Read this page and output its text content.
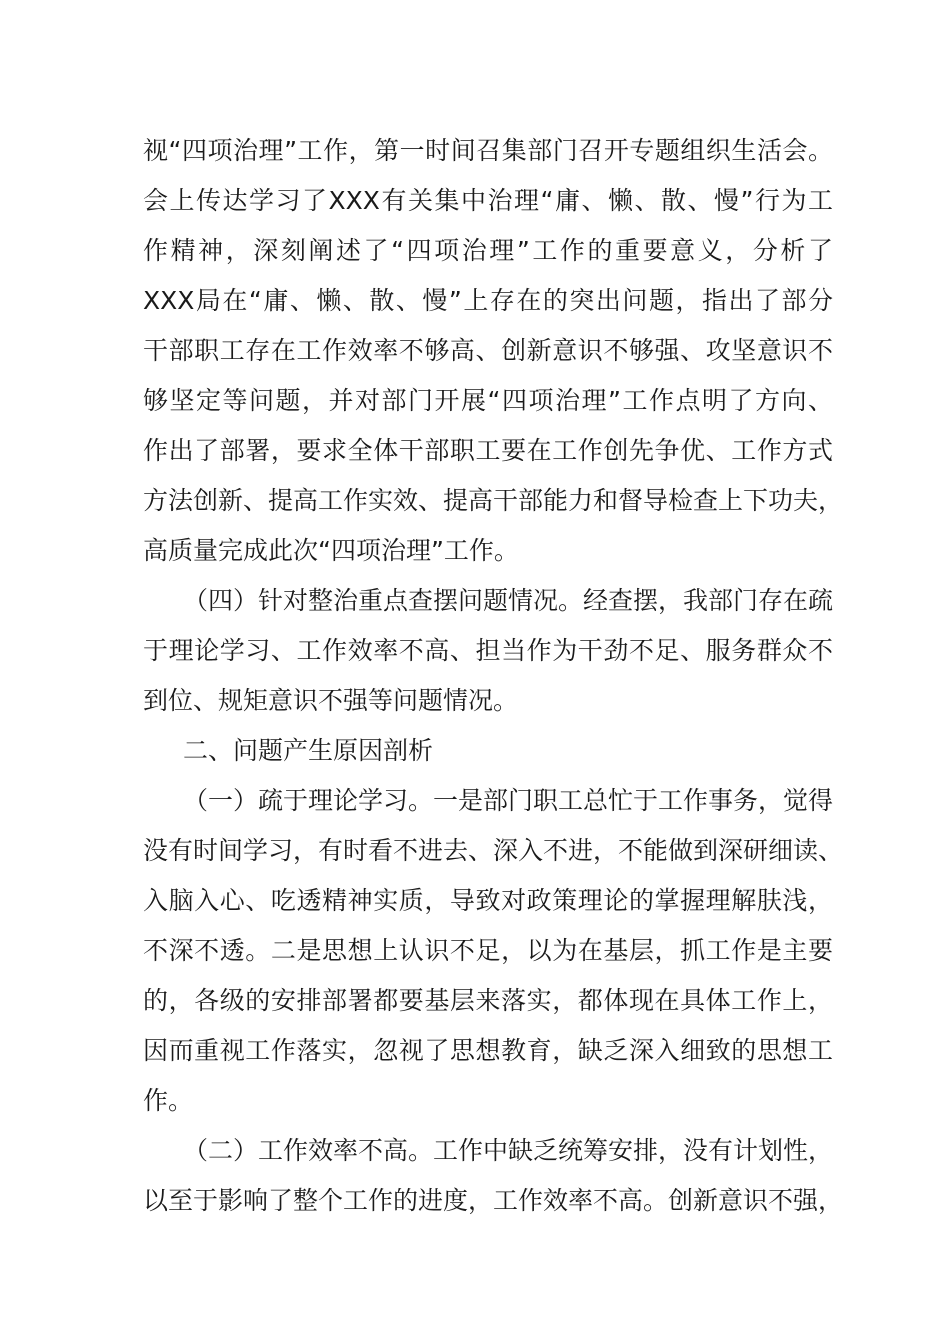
视“四项治理”工作，第一时间召集部门召开专题组织生活会。
会上传达学习了XXX有关集中治理“庸、懒、散、慢”行为工
作精神，深刻阐述了“四项治理”工作的重要意义，分析了
XXX局在“庸、懒、散、慢”上存在的突出问题，指出了部分
干部职工存在工作效率不够高、创新意识不够强、攻坚意识不
够坚定等问题，并对部门开展“四项治理”工作点明了方向、
作出了部署，要求全体干部职工要在工作创先争优、工作方式
方法创新、提高工作实效、提高干部能力和督导检查上下功夫，
高质量完成此次“四项治理”工作。
（四）针对整治重点查摆问题情况。经查摆，我部门存在疏
于理论学习、工作效率不高、担当作为干劲不足、服务群众不
到位、规矩意识不强等问题情况。
二、问题产生原因剖析
（一）疏于理论学习。一是部门职工总忙于工作事务，觉得
没有时间学习，有时看不进去、深入不进，不能做到深研细读、
入脑入心、吃透精神实质，导致对政策理论的掌握理解肤浅，
不深不透。二是思想上认识不足，以为在基层，抓工作是主要
的，各级的安排部署都要基层来落实，都体现在具体工作上，
因而重视工作落实，忽视了思想教育，缺乏深入细致的思想工
作。
（二）工作效率不高。工作中缺乏统筹安排，没有计划性，
以至于影响了整个工作的进度，工作效率不高。创新意识不强，
